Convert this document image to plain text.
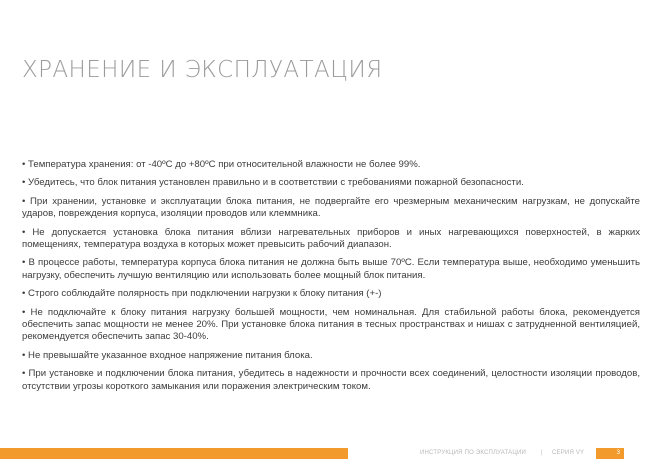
ХРАНЕНИЕ И ЭКСПЛУАТАЦИЯ
• Температура хранения: от -40ºС до +80ºС при относительной влажности не более 99%.
• Убедитесь, что блок питания установлен правильно и в соответствии с требованиями пожарной безопасности.
• При хранении, установке и эксплуатации блока питания, не подвергайте его чрезмерным механическим нагрузкам, не допускайте ударов, повреждения корпуса, изоляции проводов или клеммника.
• Не допускается установка блока питания вблизи нагревательных приборов и иных нагревающихся поверхностей, в жарких помещениях, температура воздуха в которых может превысить рабочий диапазон.
• В процессе работы, температура корпуса блока питания не должна быть выше 70ºС. Если температура выше, необходимо уменьшить нагрузку, обеспечить лучшую вентиляцию или использовать более мощный блок питания.
• Строго соблюдайте полярность при подключении нагрузки к блоку питания (+-)
• Не подключайте к блоку питания нагрузку большей мощности, чем номинальная. Для стабильной работы блока, рекомендуется обеспечить запас мощности не менее 20%. При установке блока питания в тесных пространствах и нишах с затрудненной вентиляцией, рекомендуется обеспечить запас 30-40%.
• Не превышайте указанное входное напряжение питания блока.
• При установке и подключении блока питания, убедитесь в надежности и прочности всех соединений, целостности изоляции проводов, отсутствии угрозы короткого замыкания или поражения электрическим током.
ИНСТРУКЦИЯ ПО ЭКСПЛУАТАЦИИ | СЕРИЯ VY	3
